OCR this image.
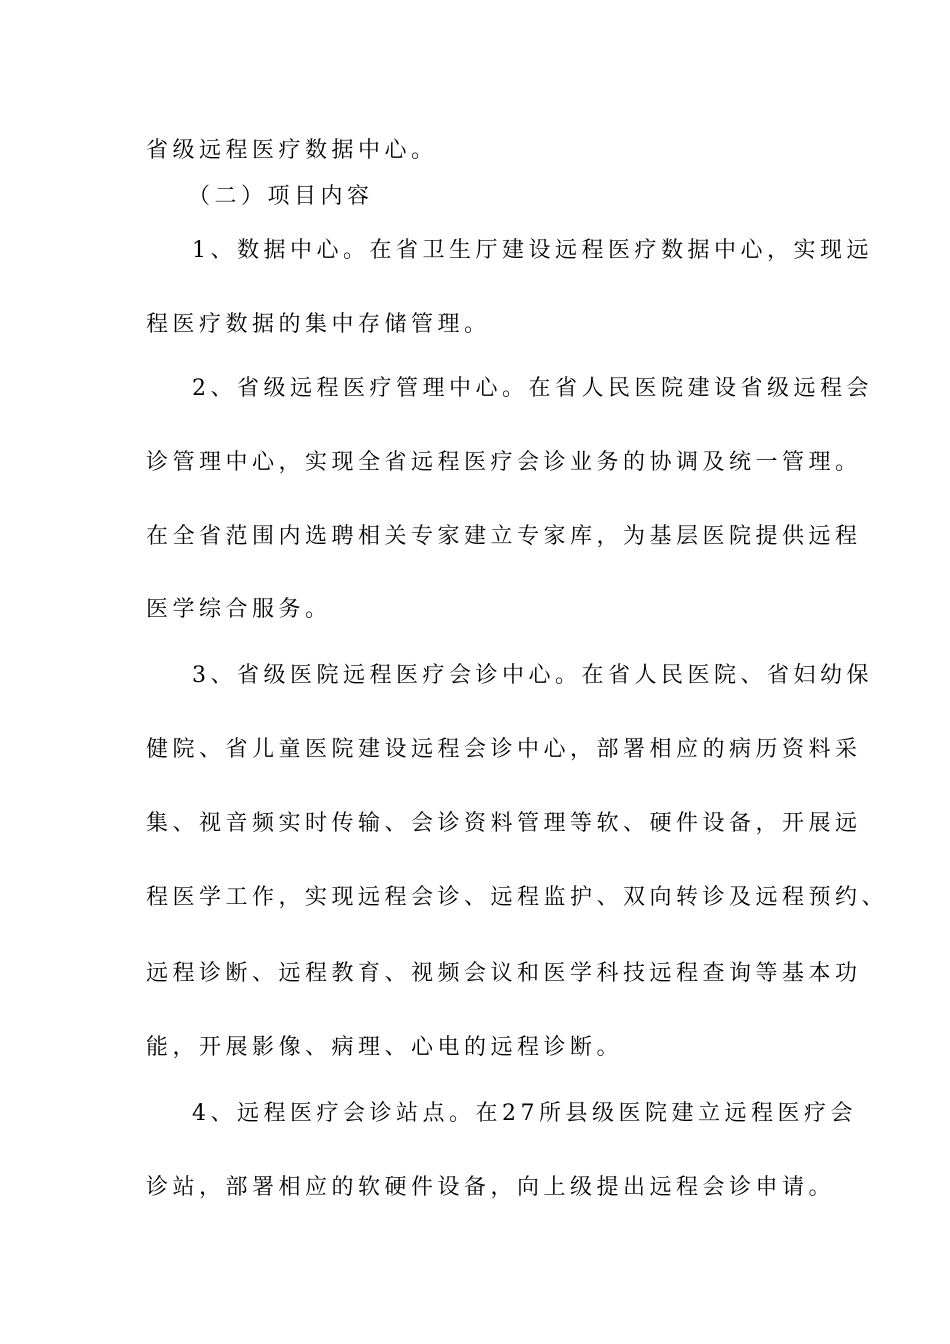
省级远程医疗数据中心。
（二）项目内容
1、数据中心。在省卫生厅建设远程医疗数据中心，实现远
程医疗数据的集中存储管理。
2、省级远程医疗管理中心。在省人民医院建设省级远程会
诊管理中心，实现全省远程医疗会诊业务的协调及统一管理。
在全省范围内选聘相关专家建立专家库，为基层医院提供远程
医学综合服务。
3、省级医院远程医疗会诊中心。在省人民医院、省妇幼保
健院、省儿童医院建设远程会诊中心，部署相应的病历资料采
集、视音频实时传输、会诊资料管理等软、硬件设备，开展远
程医学工作，实现远程会诊、远程监护、双向转诊及远程预约、
远程诊断、远程教育、视频会议和医学科技远程查询等基本功
能，开展影像、病理、心电的远程诊断。
4、远程医疗会诊站点。在27所县级医院建立远程医疗会
诊站，部署相应的软硬件设备，向上级提出远程会诊申请。
